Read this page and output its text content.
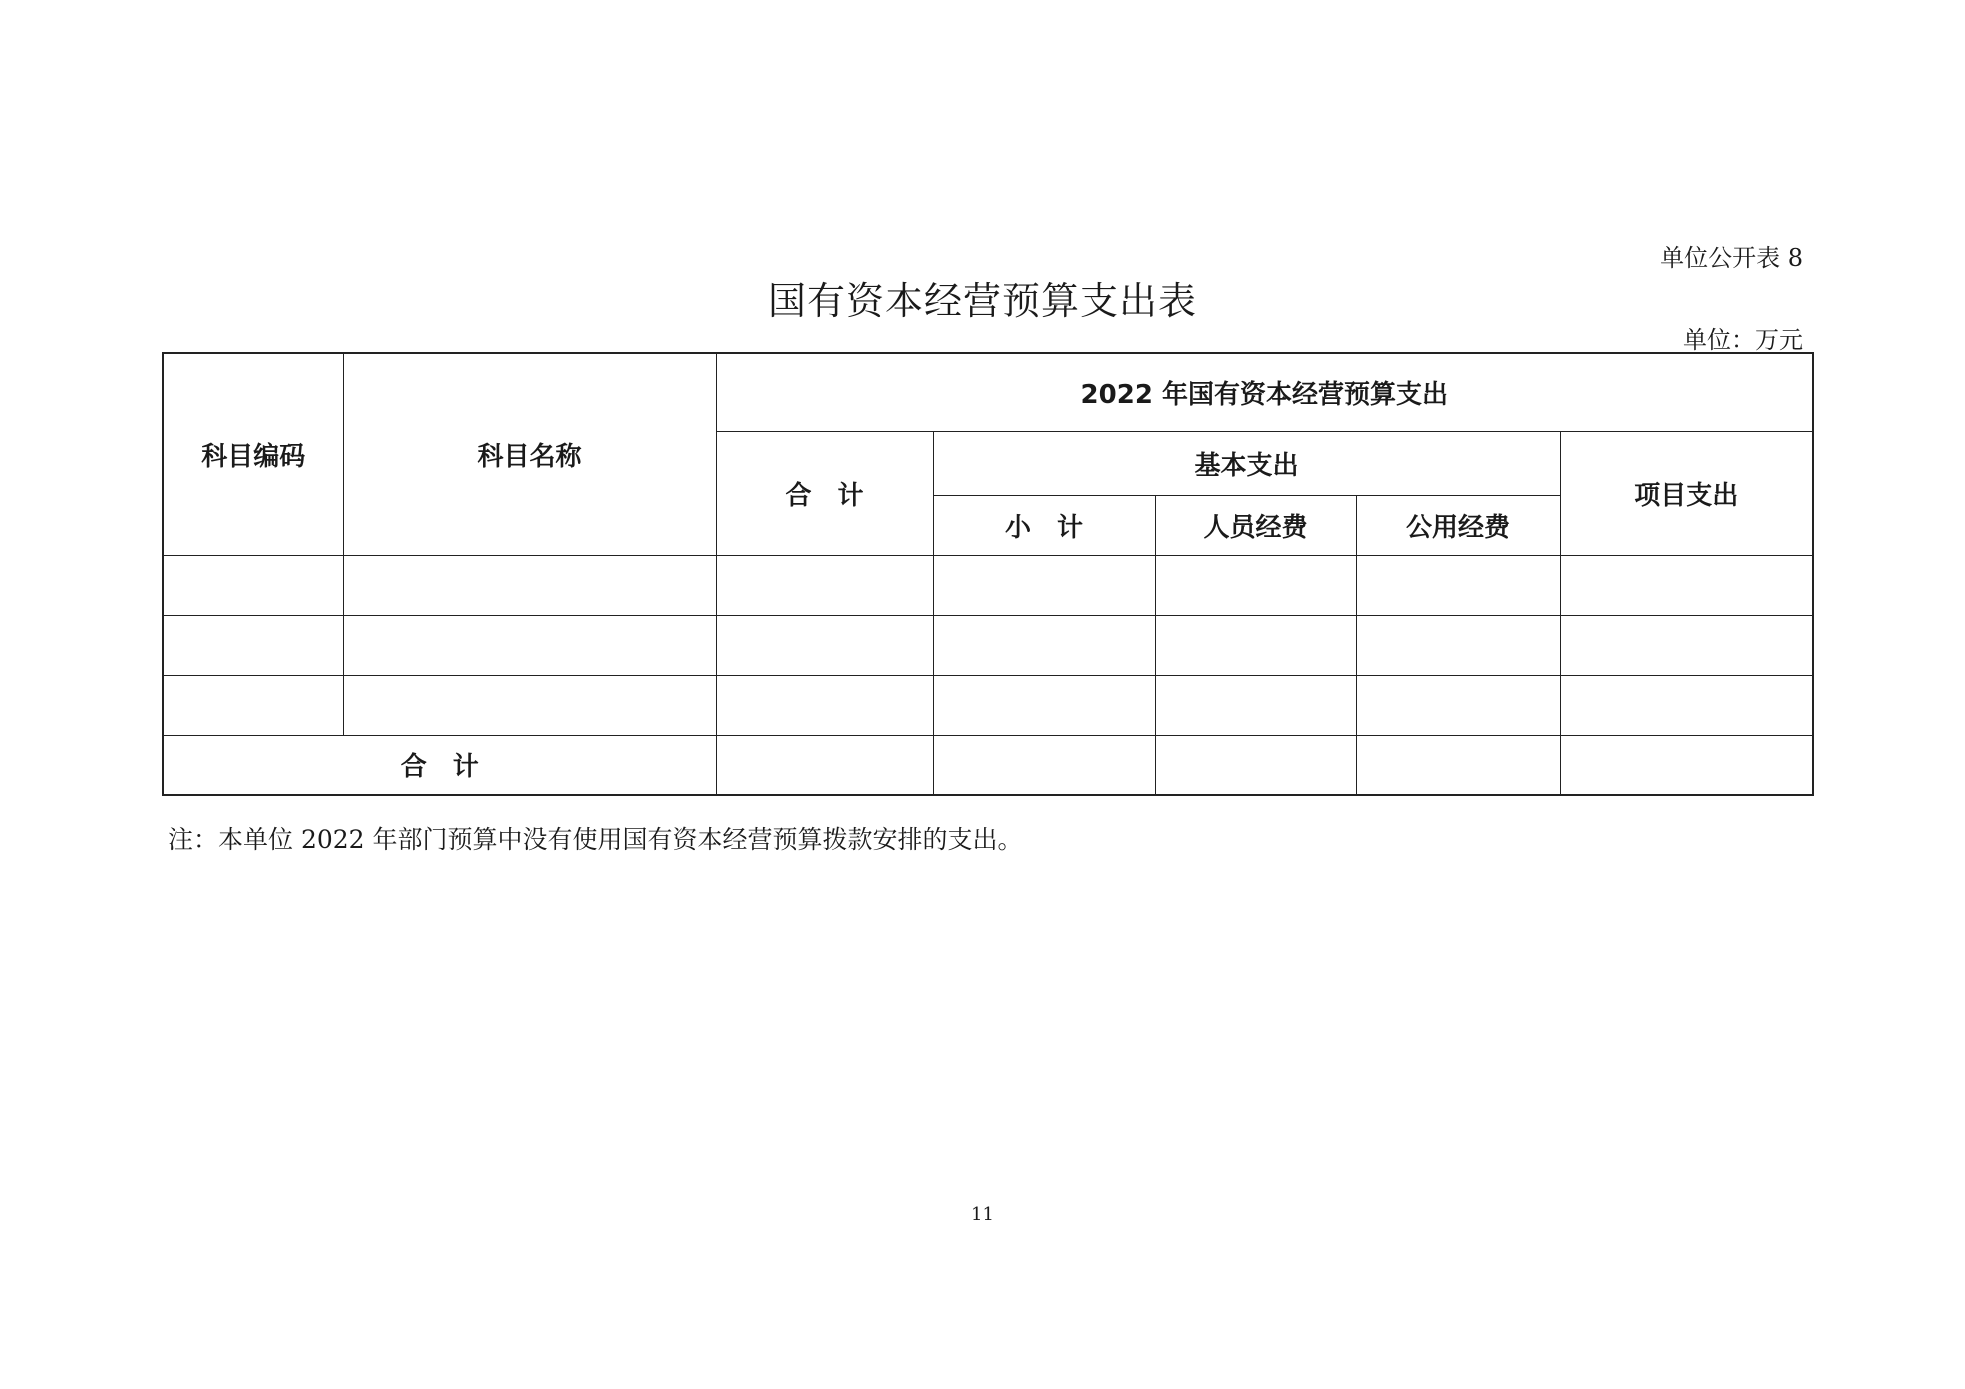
单位公开表 8
国有资本经营预算支出表
单位：万元
科目编码	科目名称	2022 年国有资本经营预算支出				
		合　计	基本支出			项目支出
			小　计	人员经费	公用经费	

合　计						
注：本单位 2022 年部门预算中没有使用国有资本经营预算拨款安排的支出。
11
